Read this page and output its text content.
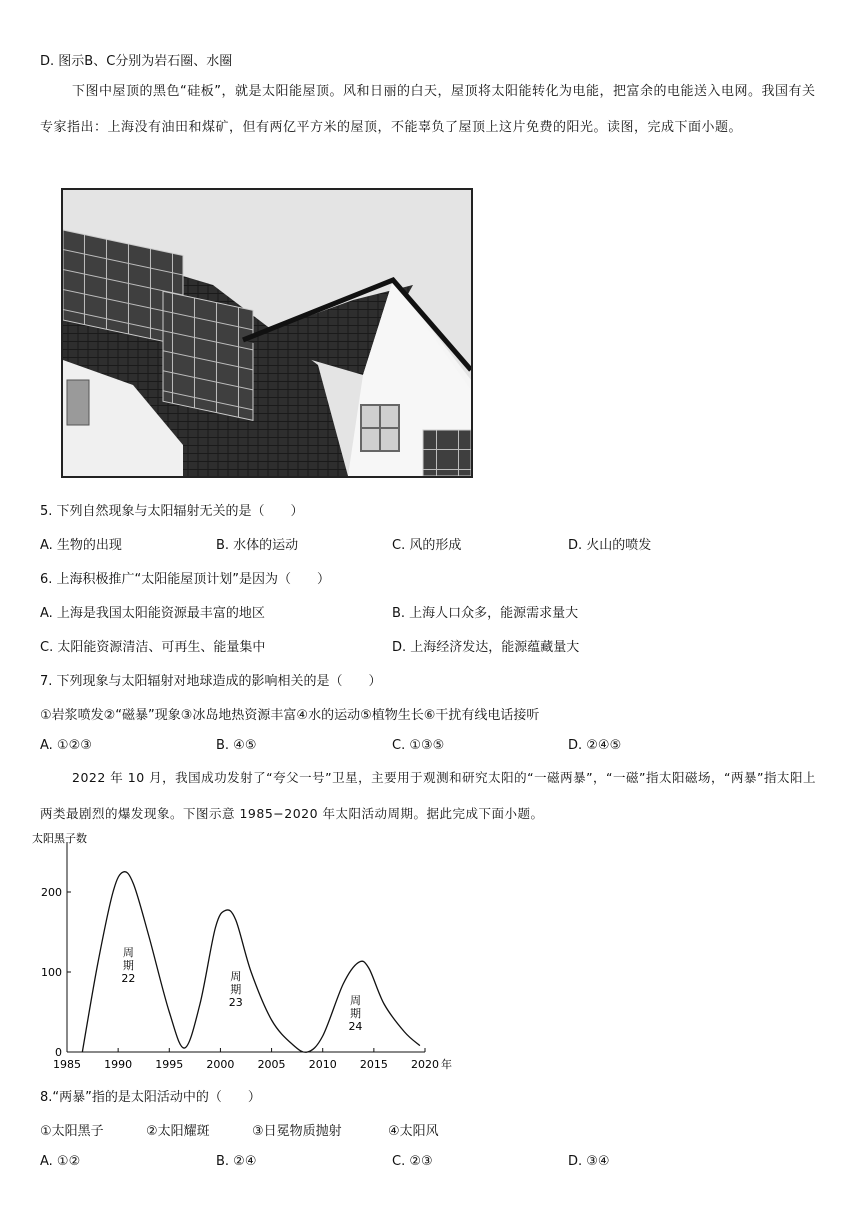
D. 图示B、C分别为岩石圈、水圈
下图中屋顶的黑色“硅板”，就是太阳能屋顶。风和日丽的白天，屋顶将太阳能转化为电能，把富余的电能送入电网。我国有关专家指出：上海没有油田和煤矿，但有两亿平方米的屋顶，不能辜负了屋顶上这片免费的阳光。读图，完成下面小题。
5. 下列自然现象与太阳辐射无关的是（　　）
A. 生物的出现	B. 水体的运动	C. 风的形成	D. 火山的喷发
6. 上海积极推广“太阳能屋顶计划”是因为（　　）
A. 上海是我国太阳能资源最丰富的地区	B. 上海人口众多，能源需求量大
C. 太阳能资源清洁、可再生、能量集中	D. 上海经济发达，能源蕴藏量大
7. 下列现象与太阳辐射对地球造成的影响相关的是（　　）
①岩浆喷发②“磁暴”现象③冰岛地热资源丰富④水的运动⑤植物生长⑥干扰有线电话接听
A. ①②③	B. ④⑤	C. ①③⑤	D. ②④⑤
2022 年 10 月，我国成功发射了“夸父一号”卫星，主要用于观测和研究太阳的“一磁两暴”，“一磁”指太阳磁场，“两暴”指太阳上两类最剧烈的爆发现象。下图示意 1985−2020 年太阳活动周期。据此完成下面小题。
太阳黑子数
1985 1990 1995 2000 2005 2010 2015 2020 年
0
100
200
周
期
22	周
期
23	周
期
24
8.“两暴”指的是太阳活动中的（　　）
①太阳黑子	②太阳耀斑	③日冕物质抛射	④太阳风
A. ①②	B. ②④	C. ②③	D. ③④
